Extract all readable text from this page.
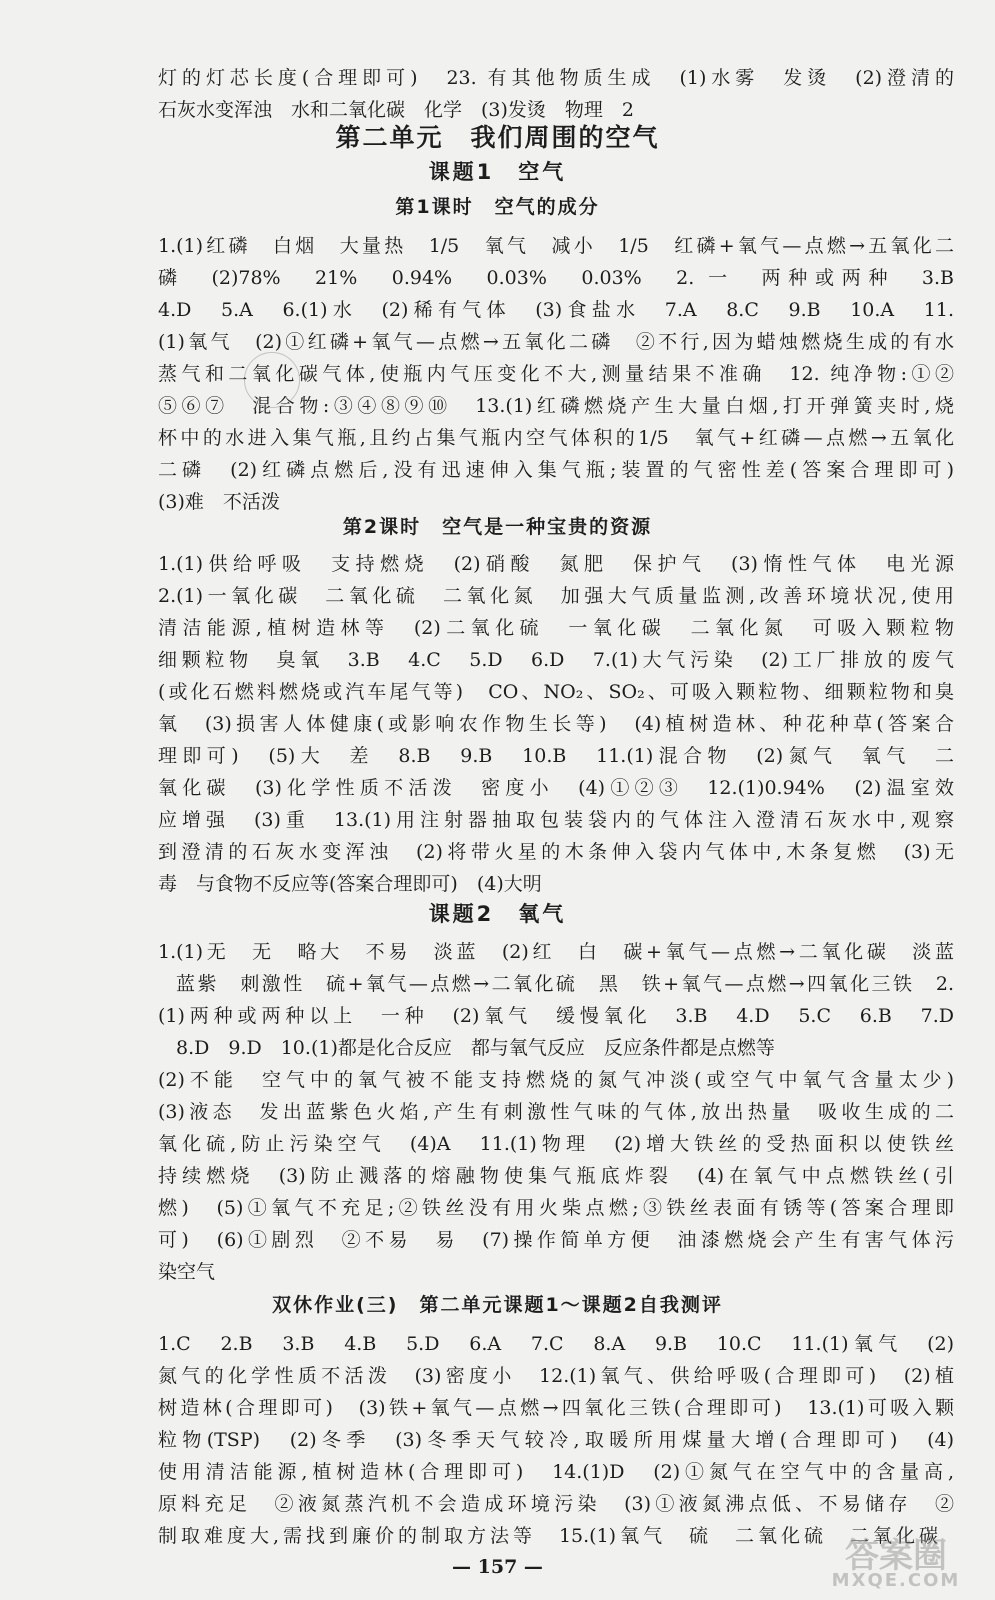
灯的灯芯长度(合理即可)　23. 有其他物质生成　(1)水雾　发烫　(2)澄清的
石灰水变浑浊　水和二氧化碳　化学　(3)发烫　物理　2
第二单元　我们周围的空气
课题1　空气
第1课时　空气的成分
1.(1)红磷　白烟　大量热　1/5　氧气　减小　1/5　红磷+氧气—点燃→五氧化二
磷　(2)78%　21%　0.94%　0.03%　0.03%　2. 一　两种或两种　3.B
4.D　5.A　6.(1)水　(2)稀有气体　(3)食盐水　7.A　8.C　9.B　10.A　11.
(1)氧气　(2)①红磷+氧气—点燃→五氧化二磷　②不行,因为蜡烛燃烧生成的有水
蒸气和二氧化碳气体,使瓶内气压变化不大,测量结果不准确　12. 纯净物:①②
⑤⑥⑦　混合物:③④⑧⑨⑩　13.(1)红磷燃烧产生大量白烟,打开弹簧夹时,烧
杯中的水进入集气瓶,且约占集气瓶内空气体积的1/5　氧气+红磷—点燃→五氧化
二磷　(2)红磷点燃后,没有迅速伸入集气瓶;装置的气密性差(答案合理即可)
(3)难　不活泼
第2课时　空气是一种宝贵的资源
1.(1)供给呼吸　支持燃烧　(2)硝酸　氮肥　保护气　(3)惰性气体　电光源
2.(1)一氧化碳　二氧化硫　二氧化氮　加强大气质量监测,改善环境状况,使用
清洁能源,植树造林等　(2)二氧化硫　一氧化碳　二氧化氮　可吸入颗粒物
细颗粒物　臭氧　3.B　4.C　5.D　6.D　7.(1)大气污染　(2)工厂排放的废气
(或化石燃料燃烧或汽车尾气等)　CO、NO₂、SO₂、可吸入颗粒物、细颗粒物和臭
氧　(3)损害人体健康(或影响农作物生长等)　(4)植树造林、种花种草(答案合
理即可)　(5)大　差　8.B　9.B　10.B　11.(1)混合物　(2)氮气　氧气　二
氧化碳　(3)化学性质不活泼　密度小　(4)①②③　12.(1)0.94%　(2)温室效
应增强　(3)重　13.(1)用注射器抽取包装袋内的气体注入澄清石灰水中,观察
到澄清的石灰水变浑浊　(2)将带火星的木条伸入袋内气体中,木条复燃　(3)无
毒　与食物不反应等(答案合理即可)　(4)大明
课题2　氧气
1.(1)无　无　略大　不易　淡蓝　(2)红　白　碳+氧气—点燃→二氧化碳　淡蓝
蓝紫　刺激性　硫+氧气—点燃→二氧化硫　黑　铁+氧气—点燃→四氧化三铁　2.
(1)两种或两种以上　一种　(2)氧气　缓慢氧化　3.B　4.D　5.C　6.B　7.D
8.D　9.D　10.(1)都是化合反应　都与氧气反应　反应条件都是点燃等
(2)不能　空气中的氧气被不能支持燃烧的氮气冲淡(或空气中氧气含量太少)
(3)液态　发出蓝紫色火焰,产生有刺激性气味的气体,放出热量　吸收生成的二
氧化硫,防止污染空气　(4)A　11.(1)物理　(2)增大铁丝的受热面积以使铁丝
持续燃烧　(3)防止溅落的熔融物使集气瓶底炸裂　(4)在氧气中点燃铁丝(引
燃)　(5)①氧气不充足;②铁丝没有用火柴点燃;③铁丝表面有锈等(答案合理即
可)　(6)①剧烈　②不易　易　(7)操作简单方便　油漆燃烧会产生有害气体污
染空气
双休作业(三)　第二单元课题1～课题2自我测评
1.C　2.B　3.B　4.B　5.D　6.A　7.C　8.A　9.B　10.C　11.(1)氧气　(2)
氮气的化学性质不活泼　(3)密度小　12.(1)氧气、供给呼吸(合理即可)　(2)植
树造林(合理即可)　(3)铁+氧气—点燃→四氧化三铁(合理即可)　13.(1)可吸入颗
粒物(TSP)　(2)冬季　(3)冬季天气较冷,取暖所用煤量大增(合理即可)　(4)
使用清洁能源,植树造林(合理即可)　14.(1)D　(2)①氮气在空气中的含量高,
原料充足　②液氮蒸汽机不会造成环境污染　(3)①液氮沸点低、不易储存　②
制取难度大,需找到廉价的制取方法等　15.(1)氧气　硫　二氧化硫　二氧化碳
— 157 —	答案圈
MXQE.COM
